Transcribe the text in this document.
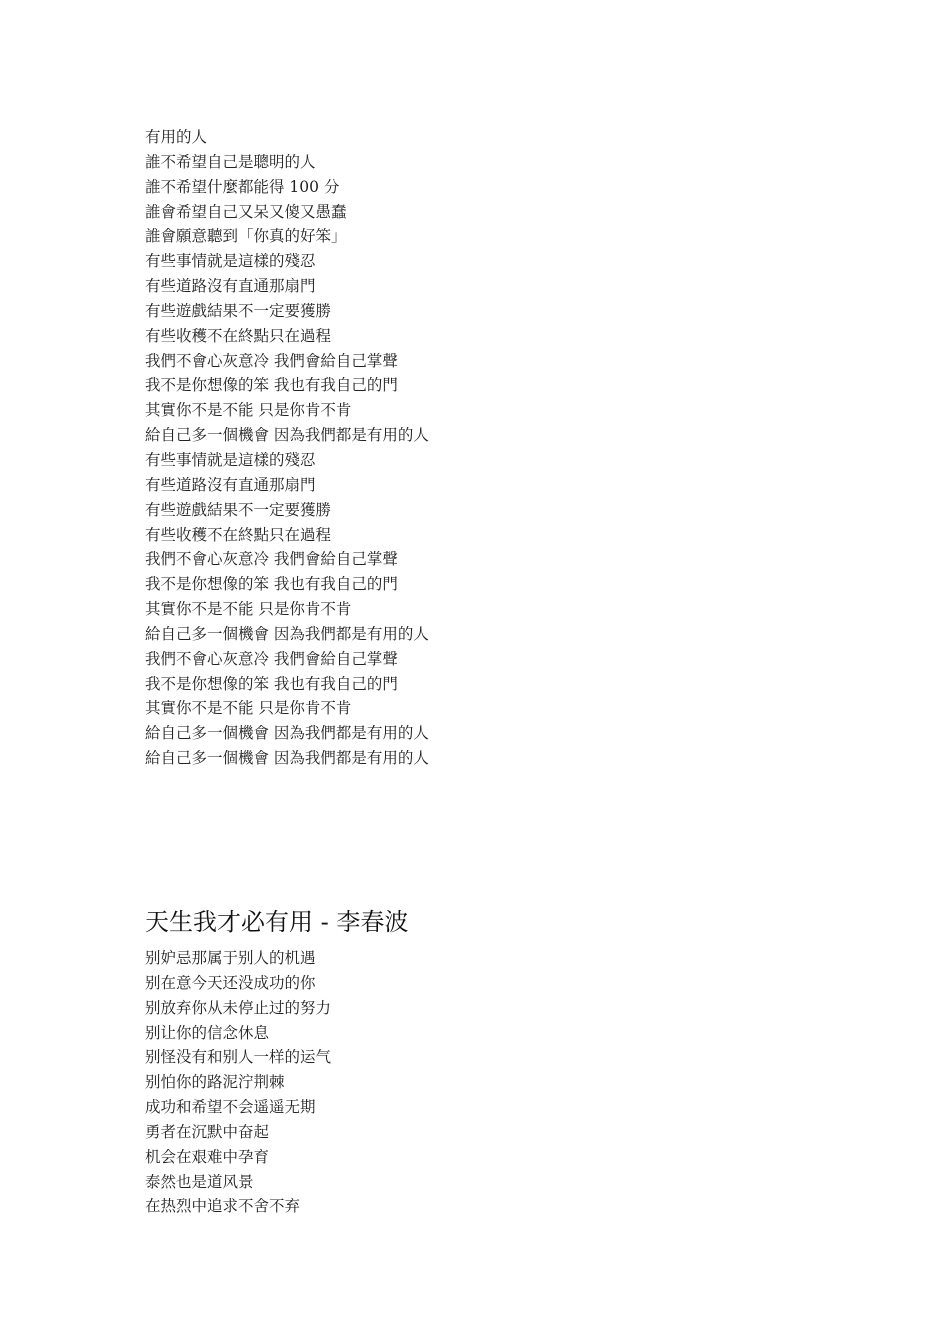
有用的人
誰不希望自己是聰明的人
誰不希望什麼都能得 100 分
誰會希望自己又呆又傻又愚蠢
誰會願意聽到「你真的好笨」
有些事情就是這樣的殘忍
有些道路沒有直通那扇門
有些遊戲結果不一定要獲勝
有些收穫不在終點只在過程
我們不會心灰意冷 我們會給自己掌聲
我不是你想像的笨 我也有我自己的門
其實你不是不能 只是你肯不肯
給自己多一個機會 因為我們都是有用的人
有些事情就是這樣的殘忍
有些道路沒有直通那扇門
有些遊戲結果不一定要獲勝
有些收穫不在終點只在過程
我們不會心灰意冷 我們會給自己掌聲
我不是你想像的笨 我也有我自己的門
其實你不是不能 只是你肯不肯
給自己多一個機會 因為我們都是有用的人
我們不會心灰意冷 我們會給自己掌聲
我不是你想像的笨 我也有我自己的門
其實你不是不能 只是你肯不肯
給自己多一個機會 因為我們都是有用的人
給自己多一個機會 因為我們都是有用的人
天生我才必有用 - 李春波
别妒忌那属于别人的机遇
别在意今天还没成功的你
别放弃你从未停止过的努力
别让你的信念休息
别怪没有和别人一样的运气
别怕你的路泥泞荆棘
成功和希望不会遥遥无期
勇者在沉默中奋起
机会在艰难中孕育
泰然也是道风景
在热烈中追求不舍不弃
